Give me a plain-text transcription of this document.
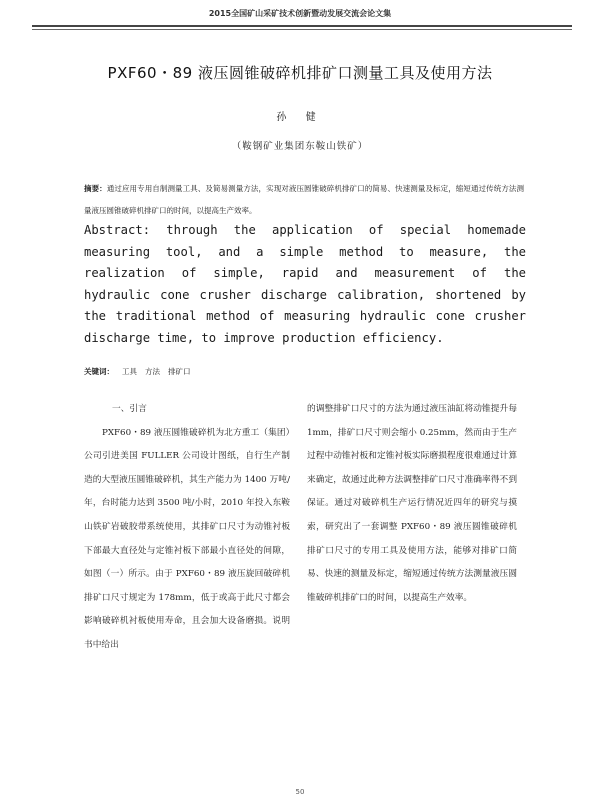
2015全国矿山采矿技术创新暨动发展交流会论文集
PXF60・89 液压圆锥破碎机排矿口测量工具及使用方法
孙 健
（鞍钢矿业集团东鞍山铁矿）
摘要：通过应用专用自制测量工具、及简易测量方法，实现对液压圆锥破碎机排矿口的简易、快速测量及标定，缩短通过传统方法测量液压圆锥破碎机排矿口的时间，以提高生产效率。
Abstract: through the application of special homemade measuring tool, and a simple method to measure, the realization of simple, rapid and measurement of the hydraulic cone crusher discharge calibration, shortened by the traditional method of measuring hydraulic cone crusher discharge time, to improve production efficiency.
关键词： 工具 方法 排矿口
一、引言
PXF60・89 液压圆锥破碎机为北方重工（集团）公司引进美国 FULLER 公司设计图纸，自行生产制造的大型液压圆锥破碎机，其生产能力为 1400 万吨/年，台时能力达到 3500 吨/小时，2010 年投入东鞍山铁矿岩破胶带系统使用，其排矿口尺寸为动锥衬板下部最大直径处与定锥衬板下部最小直径处的间隙，如图（一）所示。由于 PXF60・89 液压旋回破碎机排矿口尺寸规定为 178mm，低于或高于此尺寸都会影响破碎机衬板使用寿命，且会加大设备磨损。说明书中给出
的调整排矿口尺寸的方法为通过液压油缸将动锥提升每 1mm，排矿口尺寸则会缩小 0.25mm，然而由于生产过程中动锥衬板和定锥衬板实际磨损程度很难通过计算来确定，故通过此种方法调整排矿口尺寸准确率得不到保证。通过对破碎机生产运行情况近四年的研究与摸索，研究出了一套调整 PXF60・89 液压圆锥破碎机排矿口尺寸的专用工具及使用方法，能够对排矿口简易、快速的测量及标定，缩短通过传统方法测量液压圆锥破碎机排矿口的时间，以提高生产效率。
50
